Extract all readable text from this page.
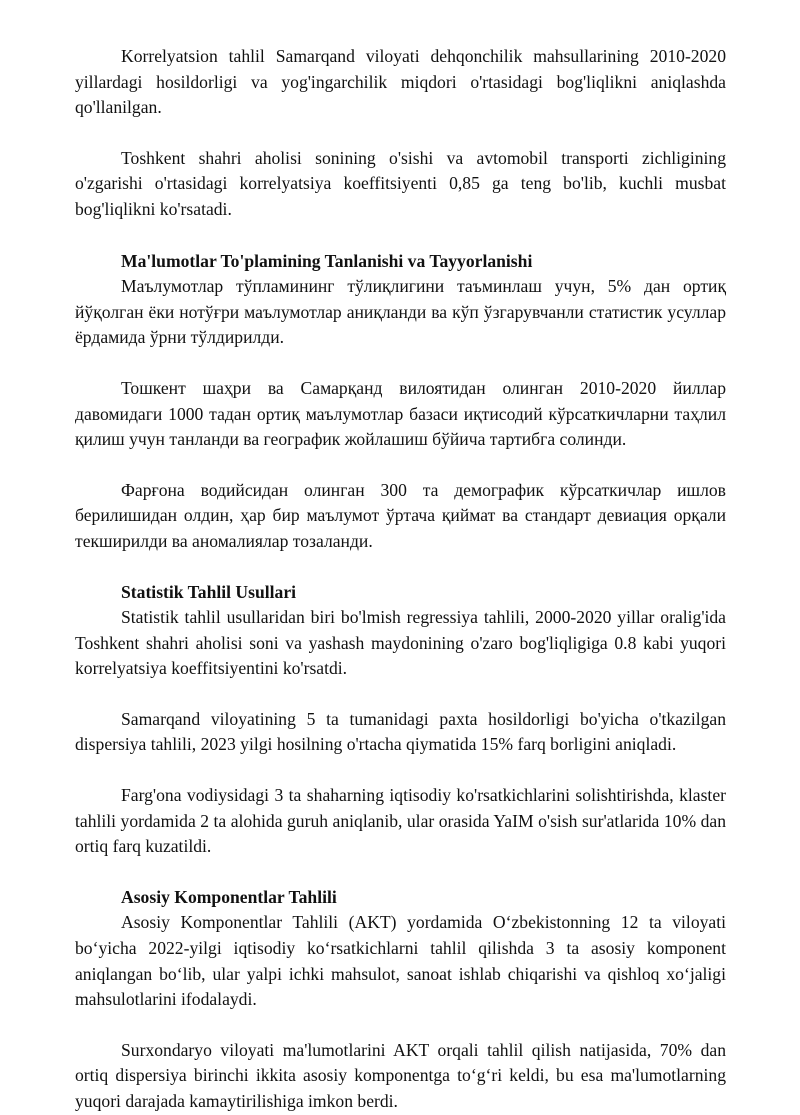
Korrelyatsion tahlil Samarqand viloyati dehqonchilik mahsullarining 2010-2020 yillardagi hosildorligi va yog'ingarchilik miqdori o'rtasidagi bog'liqlikni aniqlashda qo'llanilgan.

Toshkent shahri aholisi sonining o'sishi va avtomobil transporti zichligining o'zgarishi o'rtasidagi korrelyatsiya koeffitsiyenti 0,85 ga teng bo'lib, kuchli musbat bog'liqlikni ko'rsatadi.

Ma'lumotlar To'plamining Tanlanishi va Tayyorlanishi

Маълумотлар тўпламининг тўлиқлигини таъминлаш учун, 5% дан ортиқ йўқолган ёки нотўғри маълумотлар аниқланди ва кўп ўзгарувчанли статистик усуллар ёрдамида ўрни тўлдирилди.

Тошкент шаҳри ва Самарқанд вилоятидан олинган 2010-2020 йиллар давомидаги 1000 тадан ортиқ маълумотлар базаси иқтисодий кўрсаткичларни таҳлил қилиш учун танланди ва географик жойлашиш бўйича тартибга солинди.

Фарғона водийсидан олинган 300 та демографик кўрсаткичлар ишлов берилишидан олдин, ҳар бир маълумот ўртача қиймат ва стандарт девиация орқали текширилди ва аномалиялар тозаланди.

Statistik Tahlil Usullari

Statistik tahlil usullaridan biri bo'lmish regressiya tahlili, 2000-2020 yillar oralig'ida Toshkent shahri aholisi soni va yashash maydonining o'zaro bog'liqligiga 0.8 kabi yuqori korrelyatsiya koeffitsiyentini ko'rsatdi.

Samarqand viloyatining 5 ta tumanidagi paxta hosildorligi bo'yicha o'tkazilgan dispersiya tahlili, 2023 yilgi hosilning o'rtacha qiymatida 15% farq borligini aniqladi.

Farg'ona vodiysidagi 3 ta shaharning iqtisodiy ko'rsatkichlarini solishtirishda, klaster tahlili yordamida 2 ta alohida guruh aniqlanib, ular orasida YaIM o'sish sur'atlarida 10% dan ortiq farq kuzatildi.

Asosiy Komponentlar Tahlili

Asosiy Komponentlar Tahlili (AKT) yordamida O‘zbekistonning 12 ta viloyati bo‘yicha 2022-yilgi iqtisodiy ko‘rsatkichlarni tahlil qilishda 3 ta asosiy komponent aniqlangan bo‘lib, ular yalpi ichki mahsulot, sanoat ishlab chiqarishi va qishloq xo‘jaligi mahsulotlarini ifodalaydi.

Surxondaryo viloyati ma'lumotlarini AKT orqali tahlil qilish natijasida, 70% dan ortiq dispersiya birinchi ikkita asosiy komponentga to‘g‘ri keldi, bu esa ma'lumotlarning yuqori darajada kamaytirilishiga imkon berdi.
